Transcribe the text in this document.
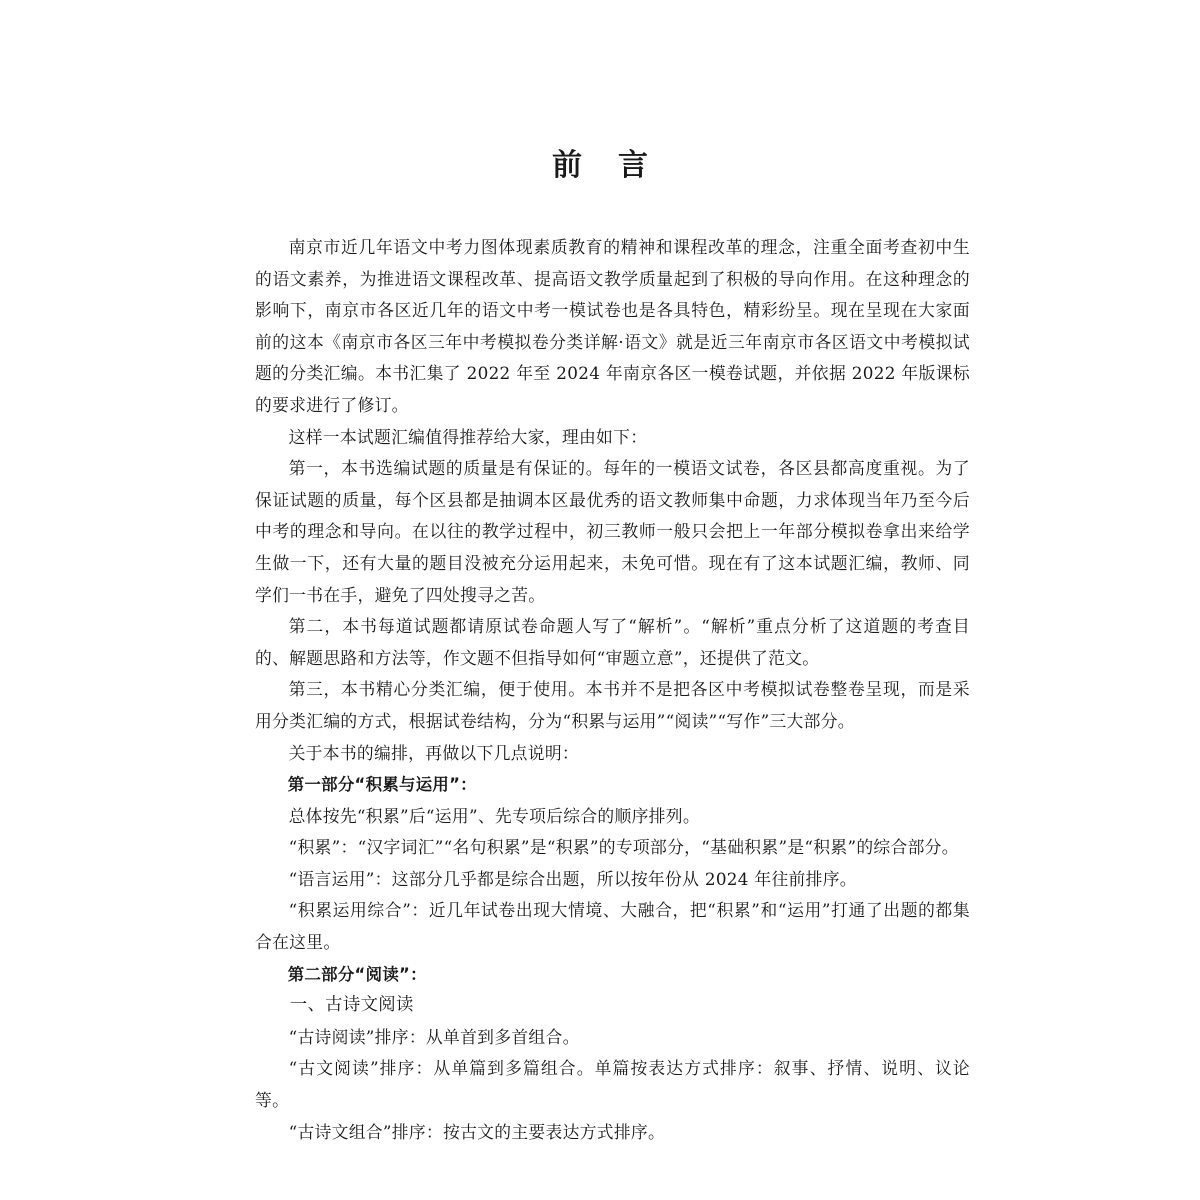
前言

南京市近几年语文中考力图体现素质教育的精神和课程改革的理念，注重全面考查初中生的语文素养，为推进语文课程改革、提高语文教学质量起到了积极的导向作用。在这种理念的影响下，南京市各区近几年的语文中考一模试卷也是各具特色，精彩纷呈。现在呈现在大家面前的这本《南京市各区三年中考模拟卷分类详解·语文》就是近三年南京市各区语文中考模拟试题的分类汇编。本书汇集了 2022 年至 2024 年南京各区一模卷试题，并依据 2022 年版课标的要求进行了修订。

这样一本试题汇编值得推荐给大家，理由如下：

第一，本书选编试题的质量是有保证的。每年的一模语文试卷，各区县都高度重视。为了保证试题的质量，每个区县都是抽调本区最优秀的语文教师集中命题，力求体现当年乃至今后中考的理念和导向。在以往的教学过程中，初三教师一般只会把上一年部分模拟卷拿出来给学生做一下，还有大量的题目没被充分运用起来，未免可惜。现在有了这本试题汇编，教师、同学们一书在手，避免了四处搜寻之苦。

第二，本书每道试题都请原试卷命题人写了“解析”。“解析”重点分析了这道题的考查目的、解题思路和方法等，作文题不但指导如何“审题立意”，还提供了范文。

第三，本书精心分类汇编，便于使用。本书并不是把各区中考模拟试卷整卷呈现，而是采用分类汇编的方式，根据试卷结构，分为“积累与运用”“阅读”“写作”三大部分。

关于本书的编排，再做以下几点说明：

第一部分“积累与运用”：

总体按先“积累”后“运用”、先专项后综合的顺序排列。

“积累”：“汉字词汇”“名句积累”是“积累”的专项部分，“基础积累”是“积累”的综合部分。

“语言运用”：这部分几乎都是综合出题，所以按年份从 2024 年往前排序。

“积累运用综合”：近几年试卷出现大情境、大融合，把“积累”和“运用”打通了出题的都集合在这里。

第二部分“阅读”：

一、古诗文阅读

“古诗阅读”排序：从单首到多首组合。

“古文阅读”排序：从单篇到多篇组合。单篇按表达方式排序：叙事、抒情、说明、议论等。

“古诗文组合”排序：按古文的主要表达方式排序。
